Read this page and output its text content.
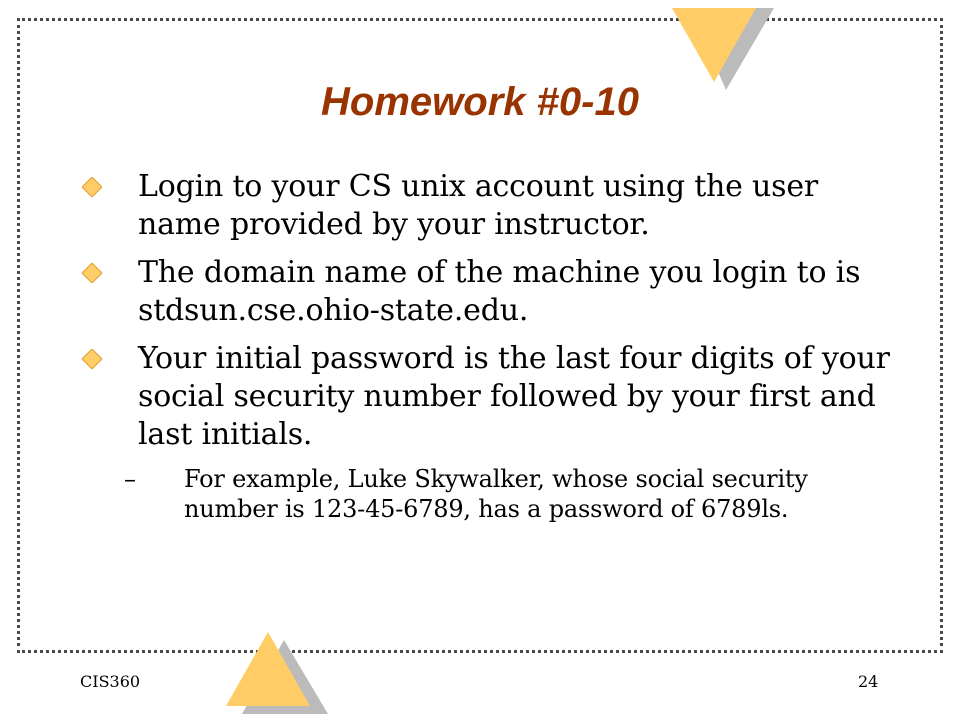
Homework #0-10
Login to your CS unix account using the user name provided by your instructor.
The domain name of the machine you login to is stdsun.cse.ohio-state.edu.
Your initial password is the last four digits of your social security number followed by your first and last initials.
– For example, Luke Skywalker, whose social security number is 123-45-6789, has a password of 6789ls.
CIS360	24
